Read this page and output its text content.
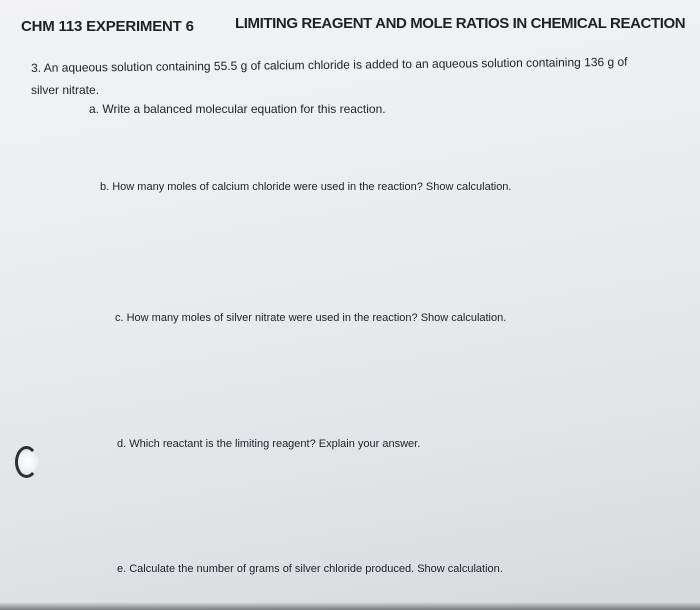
CHM 113 EXPERIMENT 6	LIMITING REAGENT AND MOLE RATIOS IN CHEMICAL REACTION
3. An aqueous solution containing 55.5 g of calcium chloride is added to an aqueous solution containing 136 g of
silver nitrate.
a. Write a balanced molecular equation for this reaction.
b. How many moles of calcium chloride were used in the reaction? Show calculation.
c. How many moles of silver nitrate were used in the reaction? Show calculation.
d. Which reactant is the limiting reagent? Explain your answer.
e. Calculate the number of grams of silver chloride produced. Show calculation.
